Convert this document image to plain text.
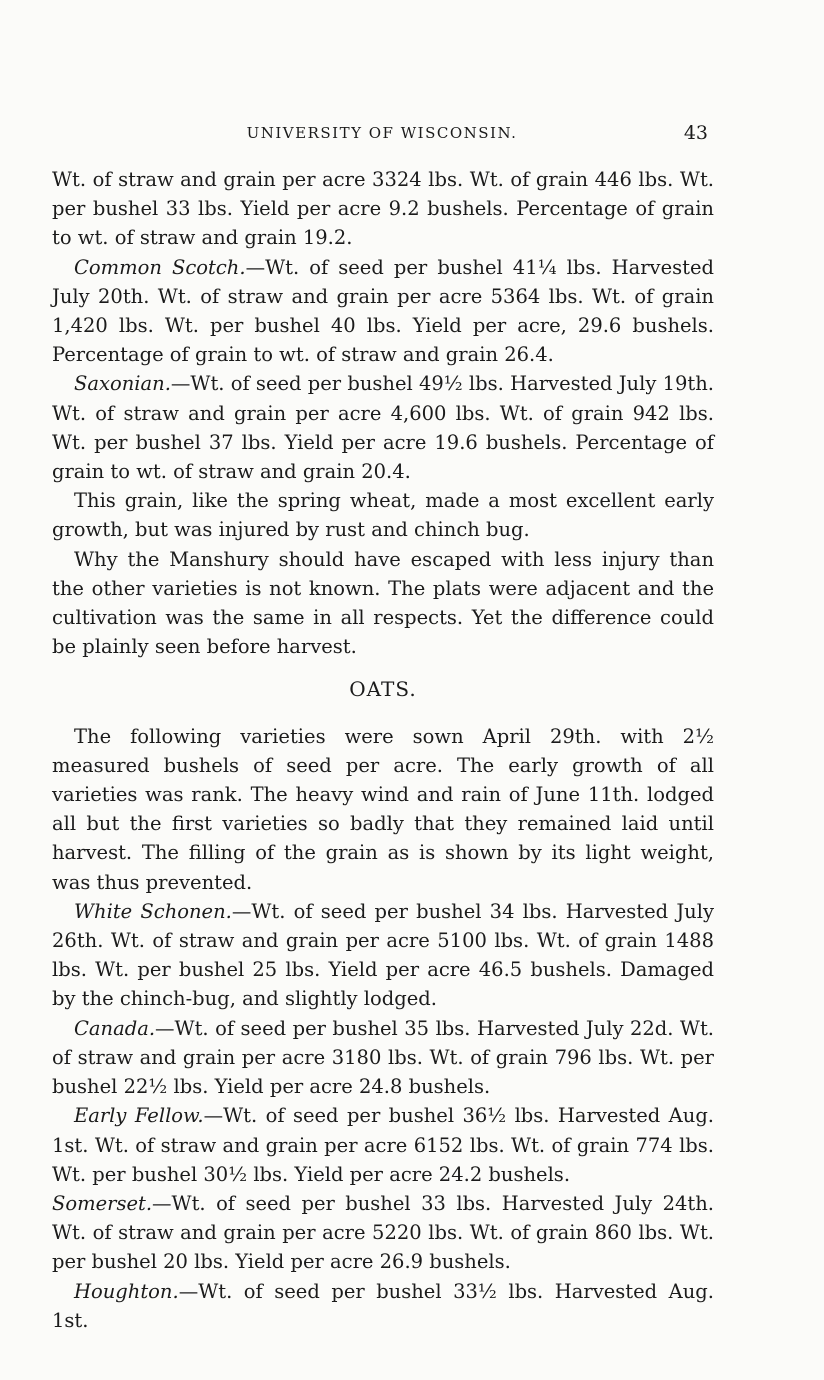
UNIVERSITY OF WISCONSIN.	43

Wt. of straw and grain per acre 3324 lbs. Wt. of grain 446 lbs. Wt. per bushel 33 lbs. Yield per acre 9.2 bushels. Percentage of grain to wt. of straw and grain 19.2.

Common Scotch.—Wt. of seed per bushel 41¼ lbs. Harvested July 20th. Wt. of straw and grain per acre 5364 lbs. Wt. of grain 1,420 lbs. Wt. per bushel 40 lbs. Yield per acre, 29.6 bushels. Percentage of grain to wt. of straw and grain 26.4.

Saxonian.—Wt. of seed per bushel 49½ lbs. Harvested July 19th. Wt. of straw and grain per acre 4,600 lbs. Wt. of grain 942 lbs. Wt. per bushel 37 lbs. Yield per acre 19.6 bushels. Percentage of grain to wt. of straw and grain 20.4.

This grain, like the spring wheat, made a most excellent early growth, but was injured by rust and chinch bug.

Why the Manshury should have escaped with less injury than the other varieties is not known. The plats were adjacent and the cultivation was the same in all respects. Yet the difference could be plainly seen before harvest.

OATS.

The following varieties were sown April 29th. with 2½ measured bushels of seed per acre. The early growth of all varieties was rank. The heavy wind and rain of June 11th. lodged all but the first varieties so badly that they remained laid until harvest. The filling of the grain as is shown by its light weight, was thus prevented.

White Schonen.—Wt. of seed per bushel 34 lbs. Harvested July 26th. Wt. of straw and grain per acre 5100 lbs. Wt. of grain 1488 lbs. Wt. per bushel 25 lbs. Yield per acre 46.5 bushels. Damaged by the chinch-bug, and slightly lodged.

Canada.—Wt. of seed per bushel 35 lbs. Harvested July 22d. Wt. of straw and grain per acre 3180 lbs. Wt. of grain 796 lbs. Wt. per bushel 22½ lbs. Yield per acre 24.8 bushels.

Early Fellow.—Wt. of seed per bushel 36½ lbs. Harvested Aug. 1st. Wt. of straw and grain per acre 6152 lbs. Wt. of grain 774 lbs. Wt. per bushel 30½ lbs. Yield per acre 24.2 bushels.

Somerset.—Wt. of seed per bushel 33 lbs. Harvested July 24th. Wt. of straw and grain per acre 5220 lbs. Wt. of grain 860 lbs. Wt. per bushel 20 lbs. Yield per acre 26.9 bushels.

Houghton.—Wt. of seed per bushel 33½ lbs. Harvested Aug. 1st.
